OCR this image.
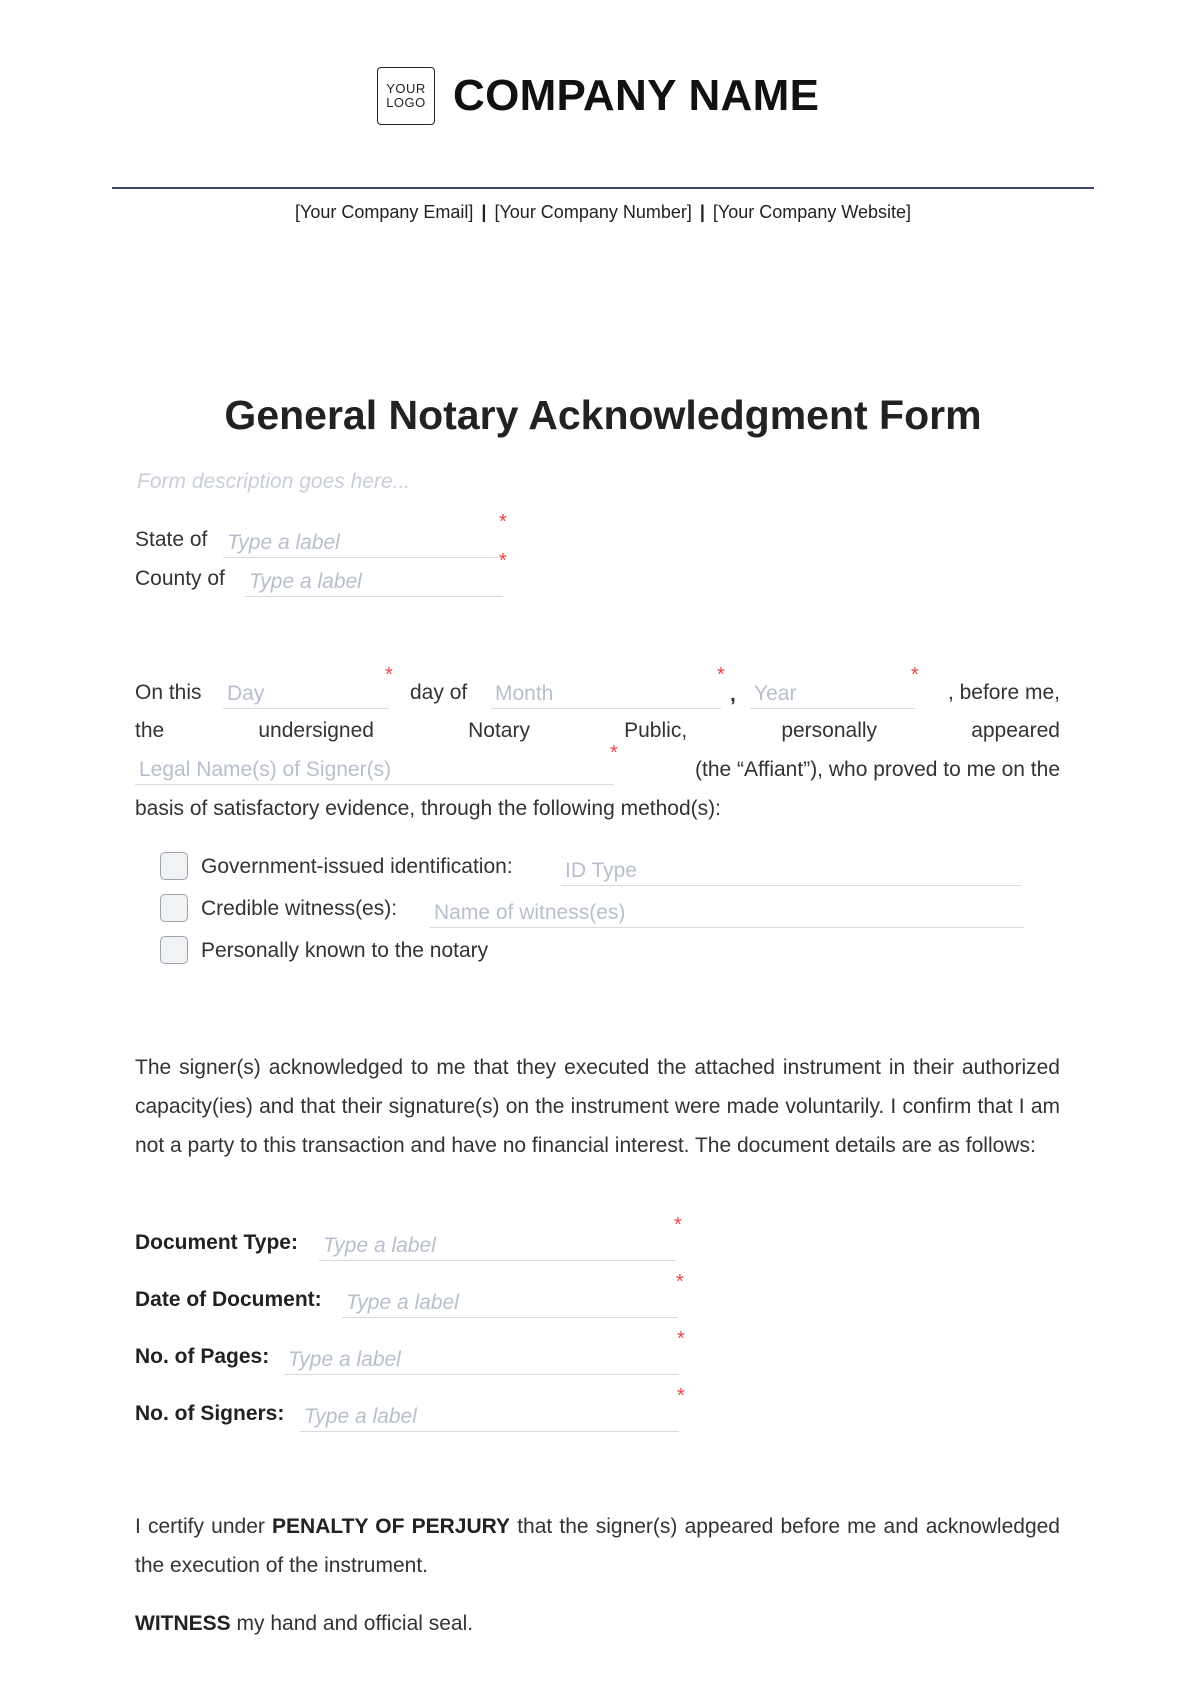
YOUR
LOGO COMPANY NAME
[Your Company Email] | [Your Company Number] | [Your Company Website]
General Notary Acknowledgment Form
Form description goes here...
State of Type a label
*
County of Type a label
*
On this Day
*
day of Month
*
, Year
*
, before me,
the	undersigned	Notary	Public,	personally	appeared
Legal Name(s) of Signer(s)
*
(the “Affiant”), who proved to me on the
basis of satisfactory evidence, through the following method(s):
Government-issued identification: ID Type
Credible witness(es): Name of witness(es)
Personally known to the notary
The signer(s) acknowledged to me that they executed the attached instrument in their authorized capacity(ies) and that their signature(s) on the instrument were made voluntarily. I confirm that I am not a party to this transaction and have no financial interest. The document details are as follows:
Document Type: Type a label
*
Date of Document: Type a label
*
No. of Pages: Type a label
*
No. of Signers: Type a label
*
I certify under PENALTY OF PERJURY that the signer(s) appeared before me and acknowledged the execution of the instrument.
WITNESS my hand and official seal.
